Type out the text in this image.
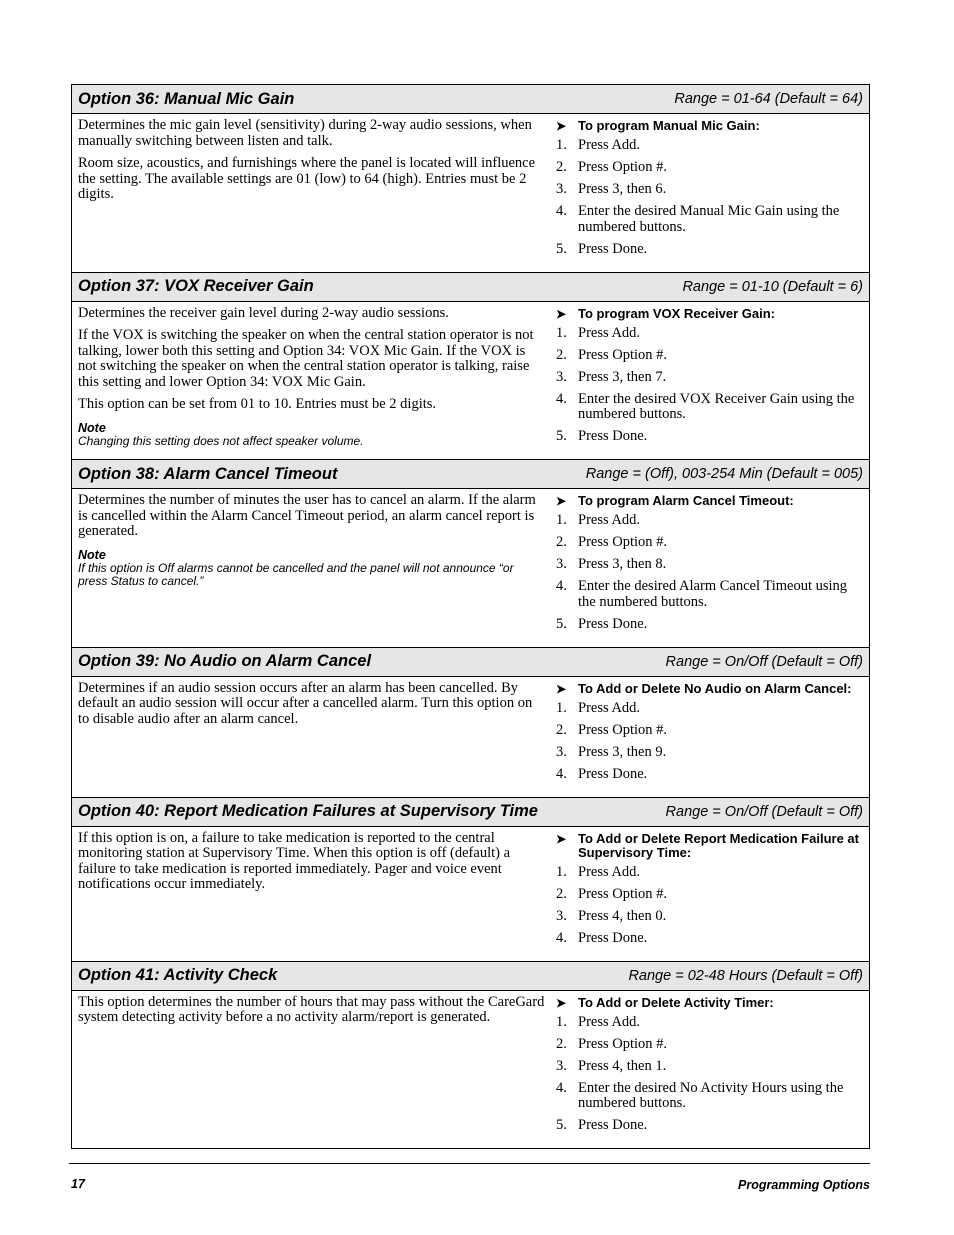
Option 36: Manual Mic Gain	Range = 01-64 (Default = 64)

Determines the mic gain level (sensitivity) during 2-way audio sessions, when manually switching between listen and talk.

Room size, acoustics, and furnishings where the panel is located will influence the setting. The available settings are 01 (low) to 64 (high). Entries must be 2 digits.

➤ To program Manual Mic Gain:
1. Press Add.
2. Press Option #.
3. Press 3, then 6.
4. Enter the desired Manual Mic Gain using the numbered buttons.
5. Press Done.

Option 37: VOX Receiver Gain	Range = 01-10 (Default = 6)

Determines the receiver gain level during 2-way audio sessions.

If the VOX is switching the speaker on when the central station operator is not talking, lower both this setting and Option 34: VOX Mic Gain. If the VOX is not switching the speaker on when the central station operator is talking, raise this setting and lower Option 34: VOX Mic Gain.

This option can be set from 01 to 10. Entries must be 2 digits.

Note
Changing this setting does not affect speaker volume.
➤ To program VOX Receiver Gain:
1. Press Add.
2. Press Option #.
3. Press 3, then 7.
4. Enter the desired VOX Receiver Gain using the numbered buttons.
5. Press Done.

Option 38: Alarm Cancel Timeout	Range = (Off), 003-254 Min (Default = 005)

Determines the number of minutes the user has to cancel an alarm. If the alarm is cancelled within the Alarm Cancel Timeout period, an alarm cancel report is generated.

Note
If this option is Off alarms cannot be cancelled and the panel will not announce “or press Status to cancel.”
➤ To program Alarm Cancel Timeout:
1. Press Add.
2. Press Option #.
3. Press 3, then 8.
4. Enter the desired Alarm Cancel Timeout using the numbered buttons.
5. Press Done.

Option 39: No Audio on Alarm Cancel	Range = On/Off (Default = Off)

Determines if an audio session occurs after an alarm has been cancelled. By default an audio session will occur after a cancelled alarm. Turn this option on to disable audio after an alarm cancel.

➤ To Add or Delete No Audio on Alarm Cancel:
1. Press Add.
2. Press Option #.
3. Press 3, then 9.
4. Press Done.

Option 40: Report Medication Failures at Supervisory Time	Range = On/Off (Default = Off)

If this option is on, a failure to take medication is reported to the central monitoring station at Supervisory Time. When this option is off (default) a failure to take medication is reported immediately. Pager and voice event notifications occur immediately.

➤ To Add or Delete Report Medication Failure at Supervisory Time:
1. Press Add.
2. Press Option #.
3. Press 4, then 0.
4. Press Done.

Option 41: Activity Check	Range = 02-48 Hours (Default = Off)

This option determines the number of hours that may pass without the CareGard system detecting activity before a no activity alarm/report is generated.

➤ To Add or Delete Activity Timer:
1. Press Add.
2. Press Option #.
3. Press 4, then 1.
4. Enter the desired No Activity Hours using the numbered buttons.
5. Press Done.
17	Programming Options
